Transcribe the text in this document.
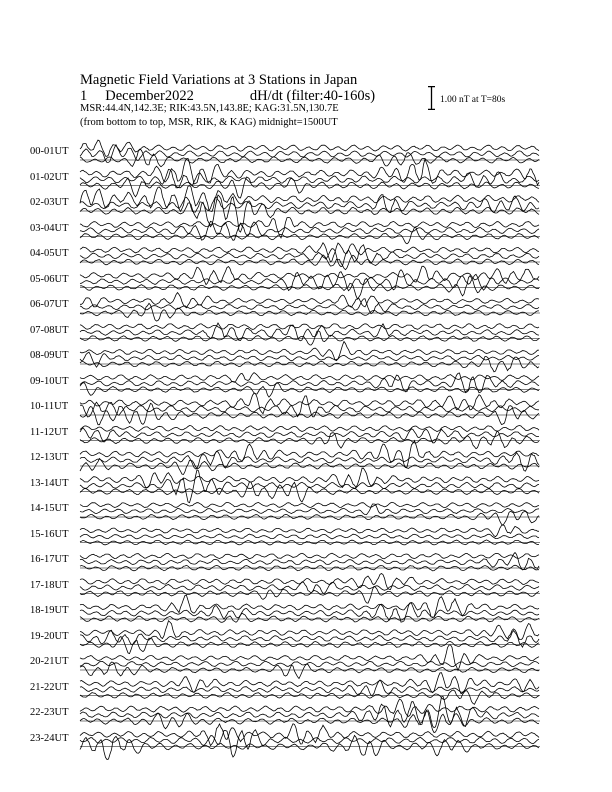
Magnetic Field Variations at 3 Stations in Japan
1 December2022	dH/dt (filter:40-160s)
MSR:44.4N,142.3E; RIK:43.5N,143.8E; KAG:31.5N,130.7E
(from bottom to top, MSR, RIK, & KAG) midnight=1500UT
1.00 nT at T=80s
00-01UT
01-02UT
02-03UT
03-04UT
04-05UT
05-06UT
06-07UT
07-08UT
08-09UT
09-10UT
10-11UT
11-12UT
12-13UT
13-14UT
14-15UT
15-16UT
16-17UT
17-18UT
18-19UT
19-20UT
20-21UT
21-22UT
22-23UT
23-24UT
